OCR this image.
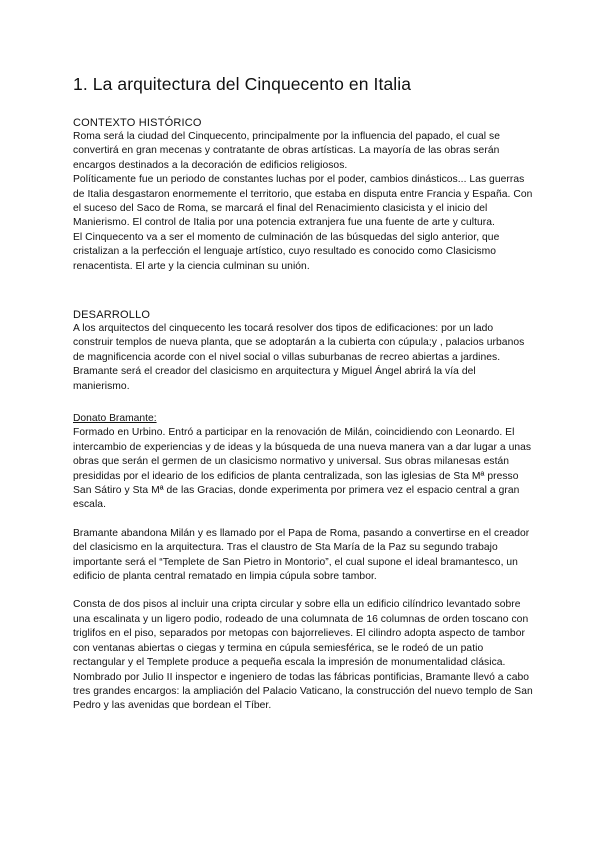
1. La arquitectura del Cinquecento en Italia

CONTEXTO HISTÓRICO

Roma será la ciudad del Cinquecento, principalmente por la influencia del papado, el cual se convertirá en gran mecenas y contratante de obras artísticas. La mayoría de las obras serán encargos destinados a la decoración de edificios religiosos.

Políticamente fue un periodo de constantes luchas por el poder, cambios dinásticos... Las guerras de Italia desgastaron enormemente el territorio, que estaba en disputa entre Francia y España. Con el suceso del Saco de Roma, se marcará el final del Renacimiento clasicista y el inicio del Manierismo. El control de Italia por una potencia extranjera fue una fuente de arte y cultura.

El Cinquecento va a ser el momento de culminación de las búsquedas del siglo anterior, que cristalizan a la perfección el lenguaje artístico, cuyo resultado es conocido como Clasicismo renacentista. El arte y la ciencia culminan su unión.

DESARROLLO

A los arquitectos del cinquecento les tocará resolver dos tipos de edificaciones: por un lado construir templos de nueva planta, que se adoptarán a la cubierta con cúpula;y , palacios urbanos de magnificencia acorde con el nivel social o villas suburbanas de recreo abiertas a jardines. Bramante será el creador del clasicismo en arquitectura y Miguel Ángel abrirá la vía del manierismo.

Donato Bramante:

Formado en Urbino. Entró a participar en la renovación de Milán, coincidiendo con Leonardo. El intercambio de experiencias y de ideas y la búsqueda de una nueva manera van a dar lugar a unas obras que serán el germen de un clasicismo normativo y universal. Sus obras milanesas están presididas por el ideario de los edificios de planta centralizada, son las iglesias de Sta Mª presso San Sátiro y Sta Mª de las Gracias, donde experimenta por primera vez el espacio central a gran escala.

Bramante abandona Milán y es llamado por el Papa de Roma, pasando a convertirse en el creador del clasicismo en la arquitectura. Tras el claustro de Sta María de la Paz su segundo trabajo importante será el “Templete de San Pietro in Montorio”, el cual supone el ideal bramantesco, un edificio de planta central rematado en limpia cúpula sobre tambor.

Consta de dos pisos al incluir una cripta circular y sobre ella un edificio cilíndrico levantado sobre una escalinata y un ligero podio, rodeado de una columnata de 16 columnas de orden toscano con triglifos en el piso, separados por metopas con bajorrelieves. El cilindro adopta aspecto de tambor con ventanas abiertas o ciegas y termina en cúpula semiesférica, se le rodeó de un patio rectangular y el Templete produce a pequeña escala la impresión de monumentalidad clásica.

Nombrado por Julio II inspector e ingeniero de todas las fábricas pontificias, Bramante llevó a cabo tres grandes encargos: la ampliación del Palacio Vaticano, la construcción del nuevo templo de San Pedro y las avenidas que bordean el Tíber.
